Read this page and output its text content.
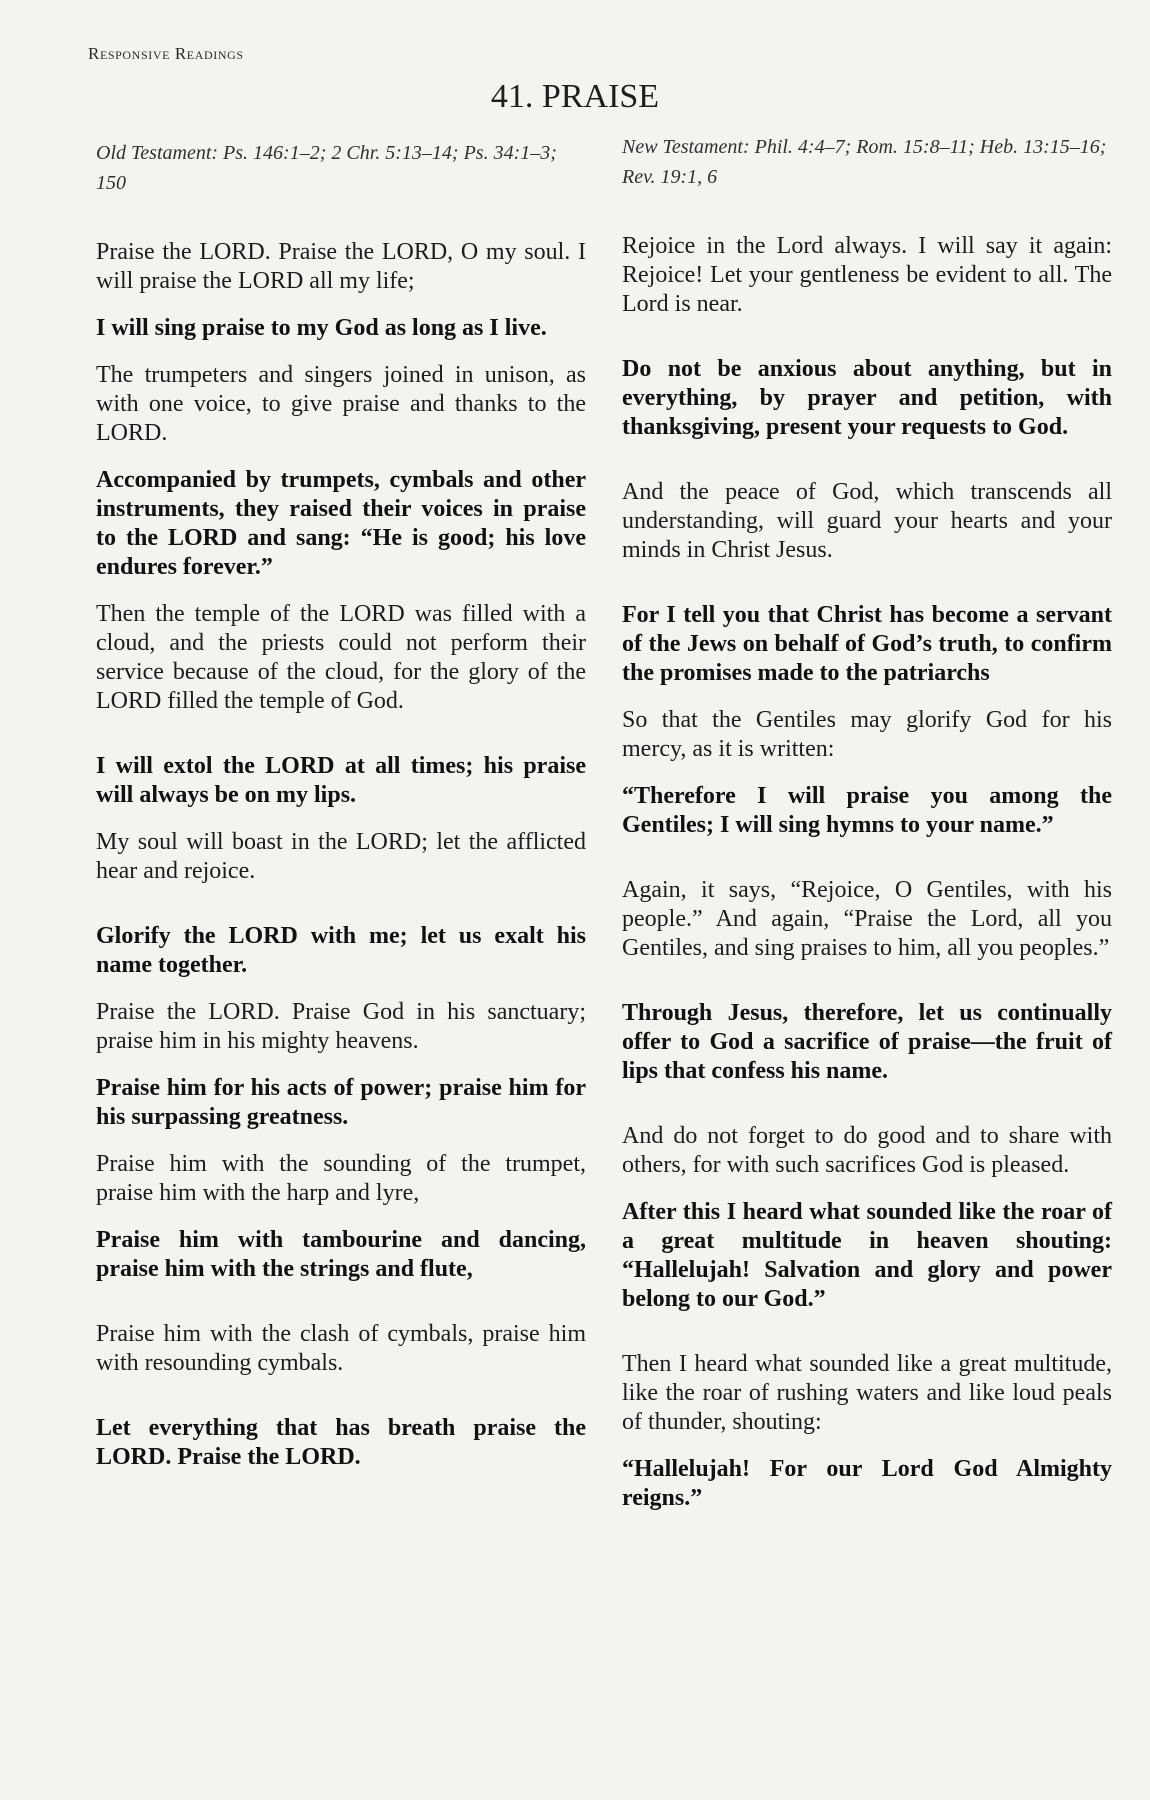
Responsive Readings
41. PRAISE
Old Testament: Ps. 146:1–2; 2 Chr. 5:13–14; Ps. 34:1–3; 150
Praise the LORD. Praise the LORD, O my soul. I will praise the LORD all my life;
I will sing praise to my God as long as I live.
The trumpeters and singers joined in unison, as with one voice, to give praise and thanks to the LORD.
Accompanied by trumpets, cymbals and other instruments, they raised their voices in praise to the LORD and sang: “He is good; his love endures forever.”
Then the temple of the LORD was filled with a cloud, and the priests could not perform their service because of the cloud, for the glory of the LORD filled the temple of God.
I will extol the LORD at all times; his praise will always be on my lips.
My soul will boast in the LORD; let the afflicted hear and rejoice.
Glorify the LORD with me; let us exalt his name together.
Praise the LORD. Praise God in his sanctuary; praise him in his mighty heavens.
Praise him for his acts of power; praise him for his surpassing greatness.
Praise him with the sounding of the trumpet, praise him with the harp and lyre,
Praise him with tambourine and dancing, praise him with the strings and flute,
Praise him with the clash of cymbals, praise him with resounding cymbals.
Let everything that has breath praise the LORD. Praise the LORD.
New Testament: Phil. 4:4–7; Rom. 15:8–11; Heb. 13:15–16; Rev. 19:1, 6
Rejoice in the Lord always. I will say it again: Rejoice! Let your gentleness be evident to all. The Lord is near.
Do not be anxious about anything, but in everything, by prayer and petition, with thanksgiving, present your requests to God.
And the peace of God, which transcends all understanding, will guard your hearts and your minds in Christ Jesus.
For I tell you that Christ has become a servant of the Jews on behalf of God’s truth, to confirm the promises made to the patriarchs
So that the Gentiles may glorify God for his mercy, as it is written:
“Therefore I will praise you among the Gentiles; I will sing hymns to your name.”
Again, it says, “Rejoice, O Gentiles, with his people.” And again, “Praise the Lord, all you Gentiles, and sing praises to him, all you peoples.”
Through Jesus, therefore, let us continually offer to God a sacrifice of praise—the fruit of lips that confess his name.
And do not forget to do good and to share with others, for with such sacrifices God is pleased.
After this I heard what sounded like the roar of a great multitude in heaven shouting: “Hallelujah! Salvation and glory and power belong to our God.”
Then I heard what sounded like a great multitude, like the roar of rushing waters and like loud peals of thunder, shouting:
“Hallelujah! For our Lord God Almighty reigns.”
